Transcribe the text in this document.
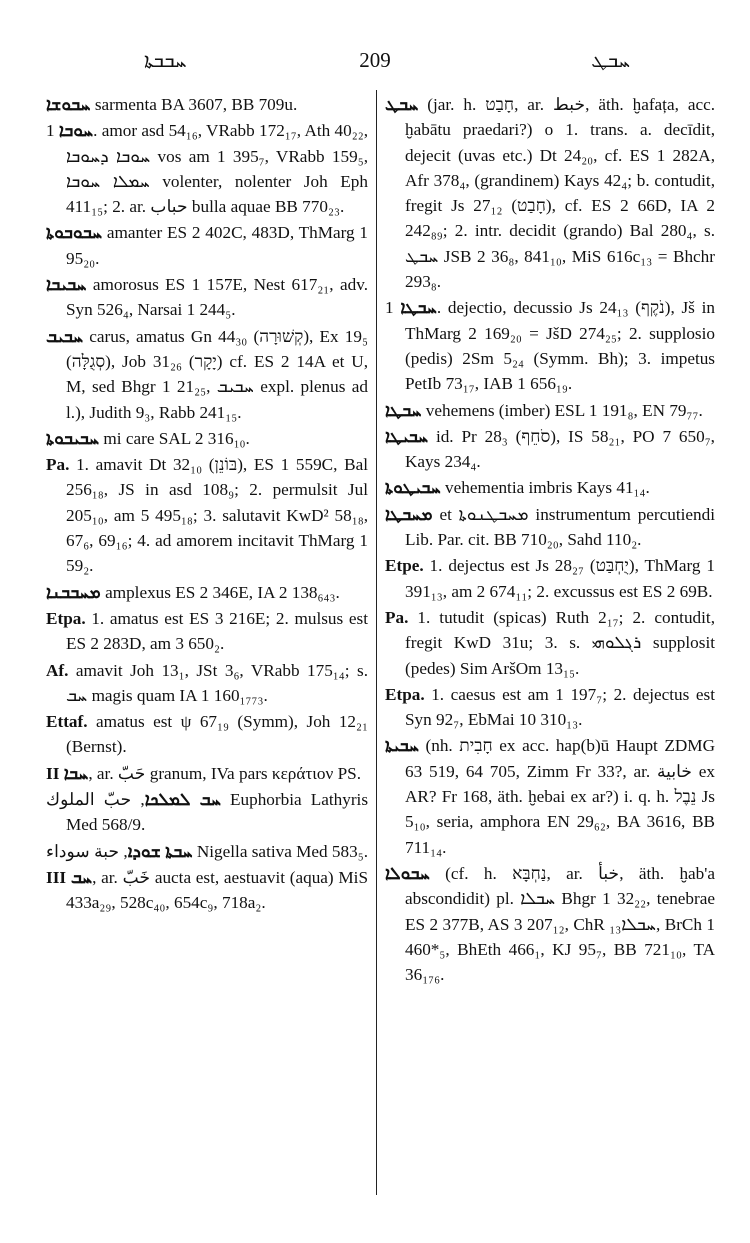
ܚܒܒܬܐ	209	ܚܒܛ
ܚܒܘܫܐ sarmenta BA 3607, BB 709u.
ܚܘܒܐ 1. amor asd 54₁₆, VRabb 172₁₇, Ath 40₂₂, ܚܘܒܐ ܕܚܘܒܐ vos am 1 395₇, VRabb 159₅, ܚܡܠܐ ܚܘܒܐ volenter, nolenter Joh Eph 411₁₅; 2. ar. حباب bulla aquae BB 770₂₃.
ܚܒܘܒܘܬܐ amanter ES 2 402C, 483D, ThMarg 1 95₂₀.
ܚܒܝܒܐ amorosus ES 1 157E, Nest 617₂₁, adv. Syn 526₄, Narsai 1 244₅.
ܚܒܝܒ carus, amatus Gn 44₃₀ (קְשׁוּרָה), Ex 19₅ (סְגֻלָּה), Job 31₂₆ (יָקָר) cf. ES 2 14A et U, M, sed Bhgr 1 21₂₅, ܚܒܝܒ expl. plenus ad l.), Judith 9₃, Rabb 241₁₅.
ܚܒܝܒܘܬܐ mi care SAL 2 316₁₀.
Pa. 1. amavit Dt 32₁₀ (בּוֹנֵן), ES 1 559C, Bal 256₁₈, JS in asd 108₉; 2. permulsit Jul 205₁₀, am 5 495₁₈; 3. salutavit KwD² 58₁₈, 67₆, 69₁₆; 4. ad amorem incitavit ThMarg 1 59₂.
ܡܚܒܒܢܐ amplexus ES 2 346E, IA 2 138₆₄₃.
Etpa. 1. amatus est ES 3 216E; 2. mulsus est ES 2 283D, am 3 650₂.
Af. amavit Joh 13₁, JSt 3₆, VRabb 175₁₄; s. ܚܒ magis quam IA 1 160₁₇₇₃.
Ettaf. amatus est ψ 67₁₉ (Symm), Joh 12₂₁ (Bernst).
II ܚܒܐ, ar. حَبّ granum, IVa pars κεράτιον PS.
ܚܒ ܠܡܠܟܐ, حبّ الملوك Euphorbia Lathyris Med 568/9.
ܚܒܬܐ ܫܘܕܐ, حبة سوداء Nigella sativa Med 583₅.
III ܚܒ, ar. خَبّ aucta est, aestuavit (aqua) MiS 433a₂₉, 528c₄₀, 654c₉, 718a₂.
ܚܒܛ (jar. h. חָבַט, ar. خبط, äth. ḫafața, acc. ḫabātu praedari?) o 1. trans. a. decīdit, dejecit (uvas etc.) Dt 24₂₀, cf. ES 1 282A, Afr 378₄, (grandinem) Kays 42₄; b. contudit, fregit Js 27₁₂ (חָבַט), cf. ES 2 66D, IA 2 242₈₉; 2. intr. decidit (grando) Bal 280₄, s. ܚܒܛ JSB 2 36₈, 841₁₀, MiS 616c₁₃ = Bhchr 293₈.
ܚܒܛܐ 1. dejectio, decussio Js 24₁₃ (נֹקֶף), Jš in ThMarg 2 169₂₀ = JšD 274₂₅; 2. supplosio (pedis) 2Sm 5₂₄ (Symm. Bh); 3. impetus PetIb 73₁₇, IAB 1 656₁₉.
ܚܒܛܐ vehemens (imber) ESL 1 191₈, EN 79₇₇.
ܚܒܝܛܐ id. Pr 28₃ (סֹחֵף), IS 58₂₁, PO 7 650₇, Kays 234₄.
ܚܒܝܛܘܬܐ vehementia imbris Kays 41₁₄.
ܡܚܒܛܐ et ܡܚܒܛܢܘܬܐ instrumentum percutiendi Lib. Par. cit. BB 710₂₀, Sahd 110₂.
Etpe. 1. dejectus est Js 28₂₇ (יֻחְבַּט), ThMarg 1 391₁₃, am 2 674₁₁; 2. excussus est ES 2 69B.
Pa. 1. tutudit (spicas) Ruth 2₁₇; 2. contudit, fregit KwD 31u; 3. s. ܪܓܠܘܗܝ supplosit (pedes) Sim AršOm 13₁₅.
Etpa. 1. caesus est am 1 197₇; 2. dejectus est Syn 92₇, EbMai 10 310₁₃.
ܚܒܝܬܐ (nh. חָבִית ex acc. hap(b)ū Haupt ZDMG 63 519, 64 705, Zimm Fr 33?, ar. خابية ex AR? Fr 168, äth. ḫebai ex ar?) i. q. h. נֵבֶל Js 5₁₀, seria, amphora EN 29₆₂, BA 3616, BB 711₁₄.
ܚܒܘܠܐ (cf. h. נַחְבָּא, ar. خبأ, äth. ḫab'a abscondidit) pl. ܚܒܠܐ Bhgr 1 32₂₂, tenebrae ES 2 377B, AS 3 207₁₂, ChR ܚܒܠܐ₁₃, BrCh 1 460*₅, BhEth 466₁, KJ 95₇, BB 721₁₀, TA 36₁₇₆.
